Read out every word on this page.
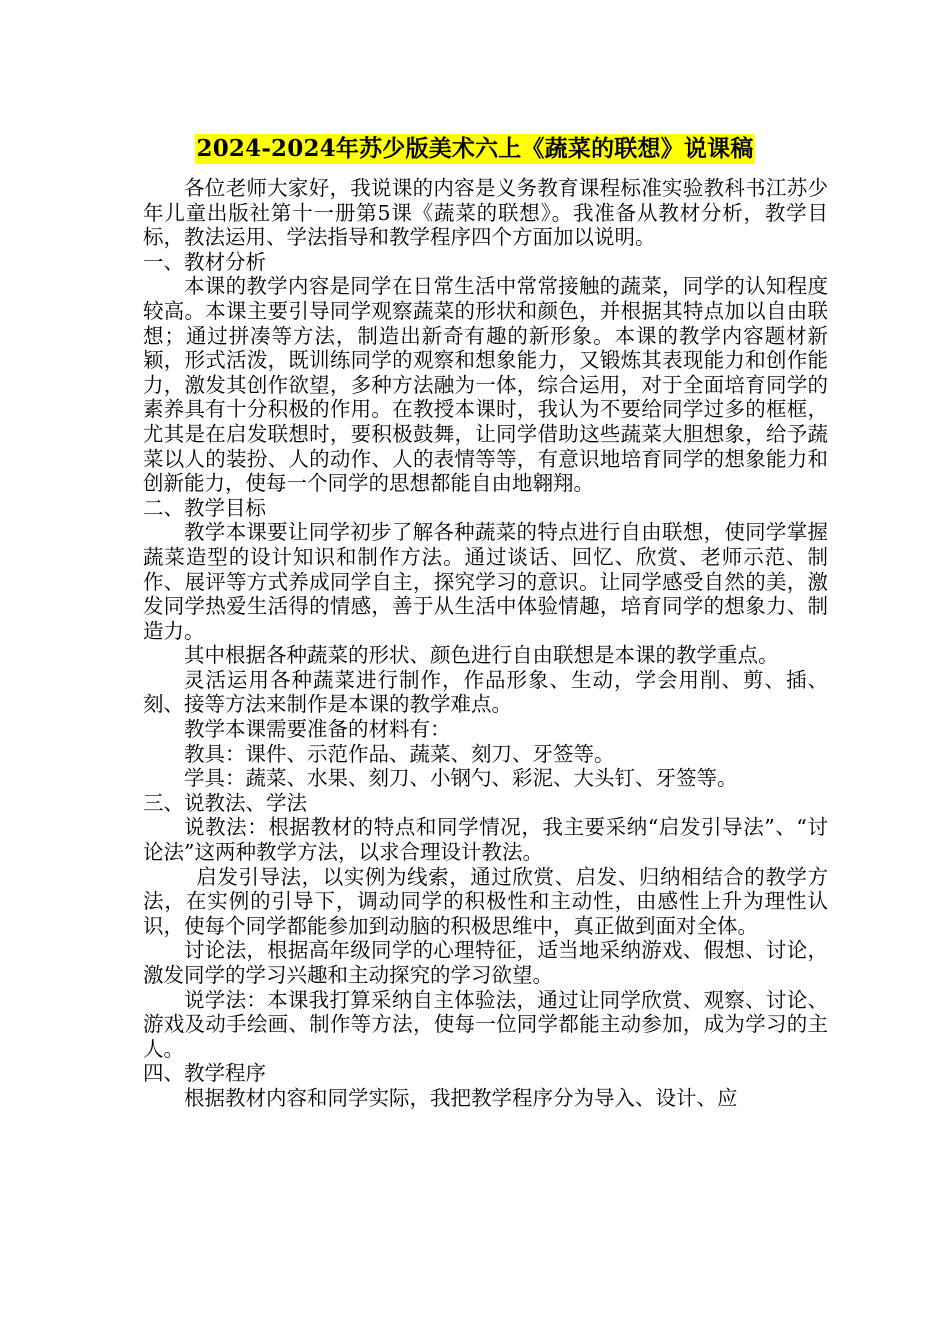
2024-2024年苏少版美术六上《蔬菜的联想》说课稿

各位老师大家好，我说课的内容是义务教育课程标准实验教科书江苏少年儿童出版社第十一册第5课《蔬菜的联想》。我准备从教材分析，教学目标，教法运用、学法指导和教学程序四个方面加以说明。

一、教材分析

本课的教学内容是同学在日常生活中常常接触的蔬菜，同学的认知程度较高。本课主要引导同学观察蔬菜的形状和颜色，并根据其特点加以自由联想；通过拼凑等方法，制造出新奇有趣的新形象。本课的教学内容题材新颖，形式活泼，既训练同学的观察和想象能力，又锻炼其表现能力和创作能力，激发其创作欲望，多种方法融为一体，综合运用，对于全面培育同学的素养具有十分积极的作用。在教授本课时，我认为不要给同学过多的框框，尤其是在启发联想时，要积极鼓舞，让同学借助这些蔬菜大胆想象，给予蔬菜以人的装扮、人的动作、人的表情等等，有意识地培育同学的想象能力和创新能力，使每一个同学的思想都能自由地翱翔。

二、教学目标

教学本课要让同学初步了解各种蔬菜的特点进行自由联想，使同学掌握蔬菜造型的设计知识和制作方法。通过谈话、回忆、欣赏、老师示范、制作、展评等方式养成同学自主，探究学习的意识。让同学感受自然的美，激发同学热爱生活得的情感，善于从生活中体验情趣，培育同学的想象力、制造力。

其中根据各种蔬菜的形状、颜色进行自由联想是本课的教学重点。

灵活运用各种蔬菜进行制作，作品形象、生动，学会用削、剪、插、刻、接等方法来制作是本课的教学难点。

教学本课需要准备的材料有：

教具：课件、示范作品、蔬菜、刻刀、牙签等。

学具：蔬菜、水果、刻刀、小钢勺、彩泥、大头钉、牙签等。

三、说教法、学法

说教法：根据教材的特点和同学情况，我主要采纳“启发引导法”、“讨论法”这两种教学方法，以求合理设计教法。

启发引导法，以实例为线索，通过欣赏、启发、归纳相结合的教学方法，在实例的引导下，调动同学的积极性和主动性，由感性上升为理性认识，使每个同学都能参加到动脑的积极思维中，真正做到面对全体。

讨论法，根据高年级同学的心理特征，适当地采纳游戏、假想、讨论，激发同学的学习兴趣和主动探究的学习欲望。

说学法：本课我打算采纳自主体验法，通过让同学欣赏、观察、讨论、游戏及动手绘画、制作等方法，使每一位同学都能主动参加，成为学习的主人。

四、教学程序

根据教材内容和同学实际，我把教学程序分为导入、设计、应
